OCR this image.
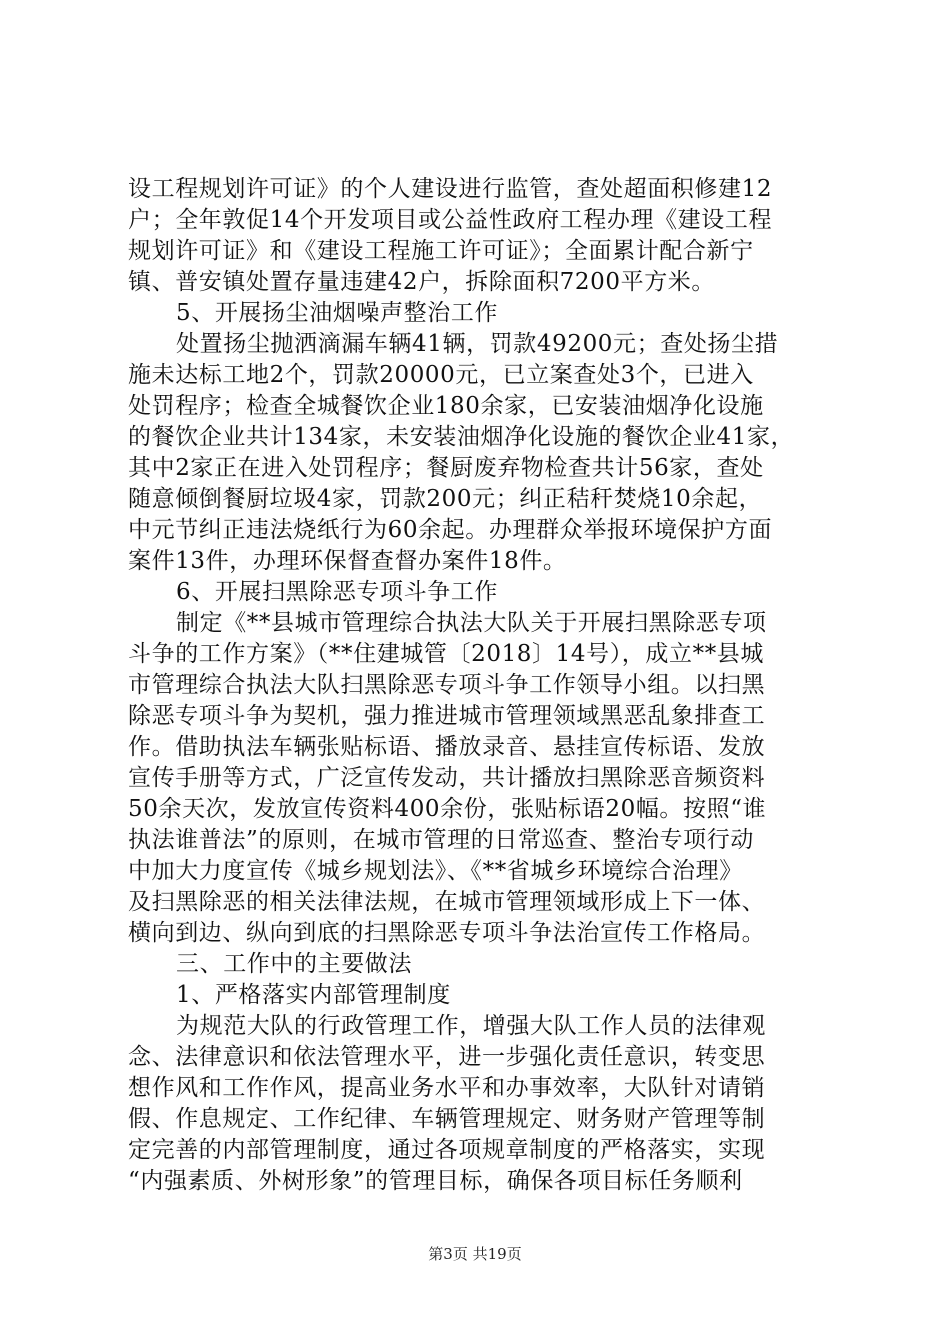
设工程规划许可证》的个人建设进行监管，查处超面积修建12
户；全年敦促14个开发项目或公益性政府工程办理《建设工程
规划许可证》和《建设工程施工许可证》；全面累计配合新宁
镇、普安镇处置存量违建42户，拆除面积7200平方米。
5、开展扬尘油烟噪声整治工作
处置扬尘抛洒滴漏车辆41辆，罚款49200元；查处扬尘措
施未达标工地2个，罚款20000元，已立案查处3个，已进入
处罚程序；检查全城餐饮企业180余家，已安装油烟净化设施
的餐饮企业共计134家，未安装油烟净化设施的餐饮企业41家，
其中2家正在进入处罚程序；餐厨废弃物检查共计56家，查处
随意倾倒餐厨垃圾4家，罚款200元；纠正秸秆焚烧10余起，
中元节纠正违法烧纸行为60余起。办理群众举报环境保护方面
案件13件，办理环保督查督办案件18件。
6、开展扫黑除恶专项斗争工作
制定《**县城市管理综合执法大队关于开展扫黑除恶专项
斗争的工作方案》（**住建城管〔2018〕14号），成立**县城
市管理综合执法大队扫黑除恶专项斗争工作领导小组。以扫黑
除恶专项斗争为契机，强力推进城市管理领域黑恶乱象排查工
作。借助执法车辆张贴标语、播放录音、悬挂宣传标语、发放
宣传手册等方式，广泛宣传发动，共计播放扫黑除恶音频资料
50余天次，发放宣传资料400余份，张贴标语20幅。按照“谁
执法谁普法”的原则，在城市管理的日常巡查、整治专项行动
中加大力度宣传《城乡规划法》、《**省城乡环境综合治理》
及扫黑除恶的相关法律法规，在城市管理领域形成上下一体、
横向到边、纵向到底的扫黑除恶专项斗争法治宣传工作格局。
三、工作中的主要做法
1、严格落实内部管理制度
为规范大队的行政管理工作，增强大队工作人员的法律观
念、法律意识和依法管理水平，进一步强化责任意识，转变思
想作风和工作作风，提高业务水平和办事效率，大队针对请销
假、作息规定、工作纪律、车辆管理规定、财务财产管理等制
定完善的内部管理制度，通过各项规章制度的严格落实，实现
“内强素质、外树形象”的管理目标，确保各项目标任务顺利
第3页 共19页
